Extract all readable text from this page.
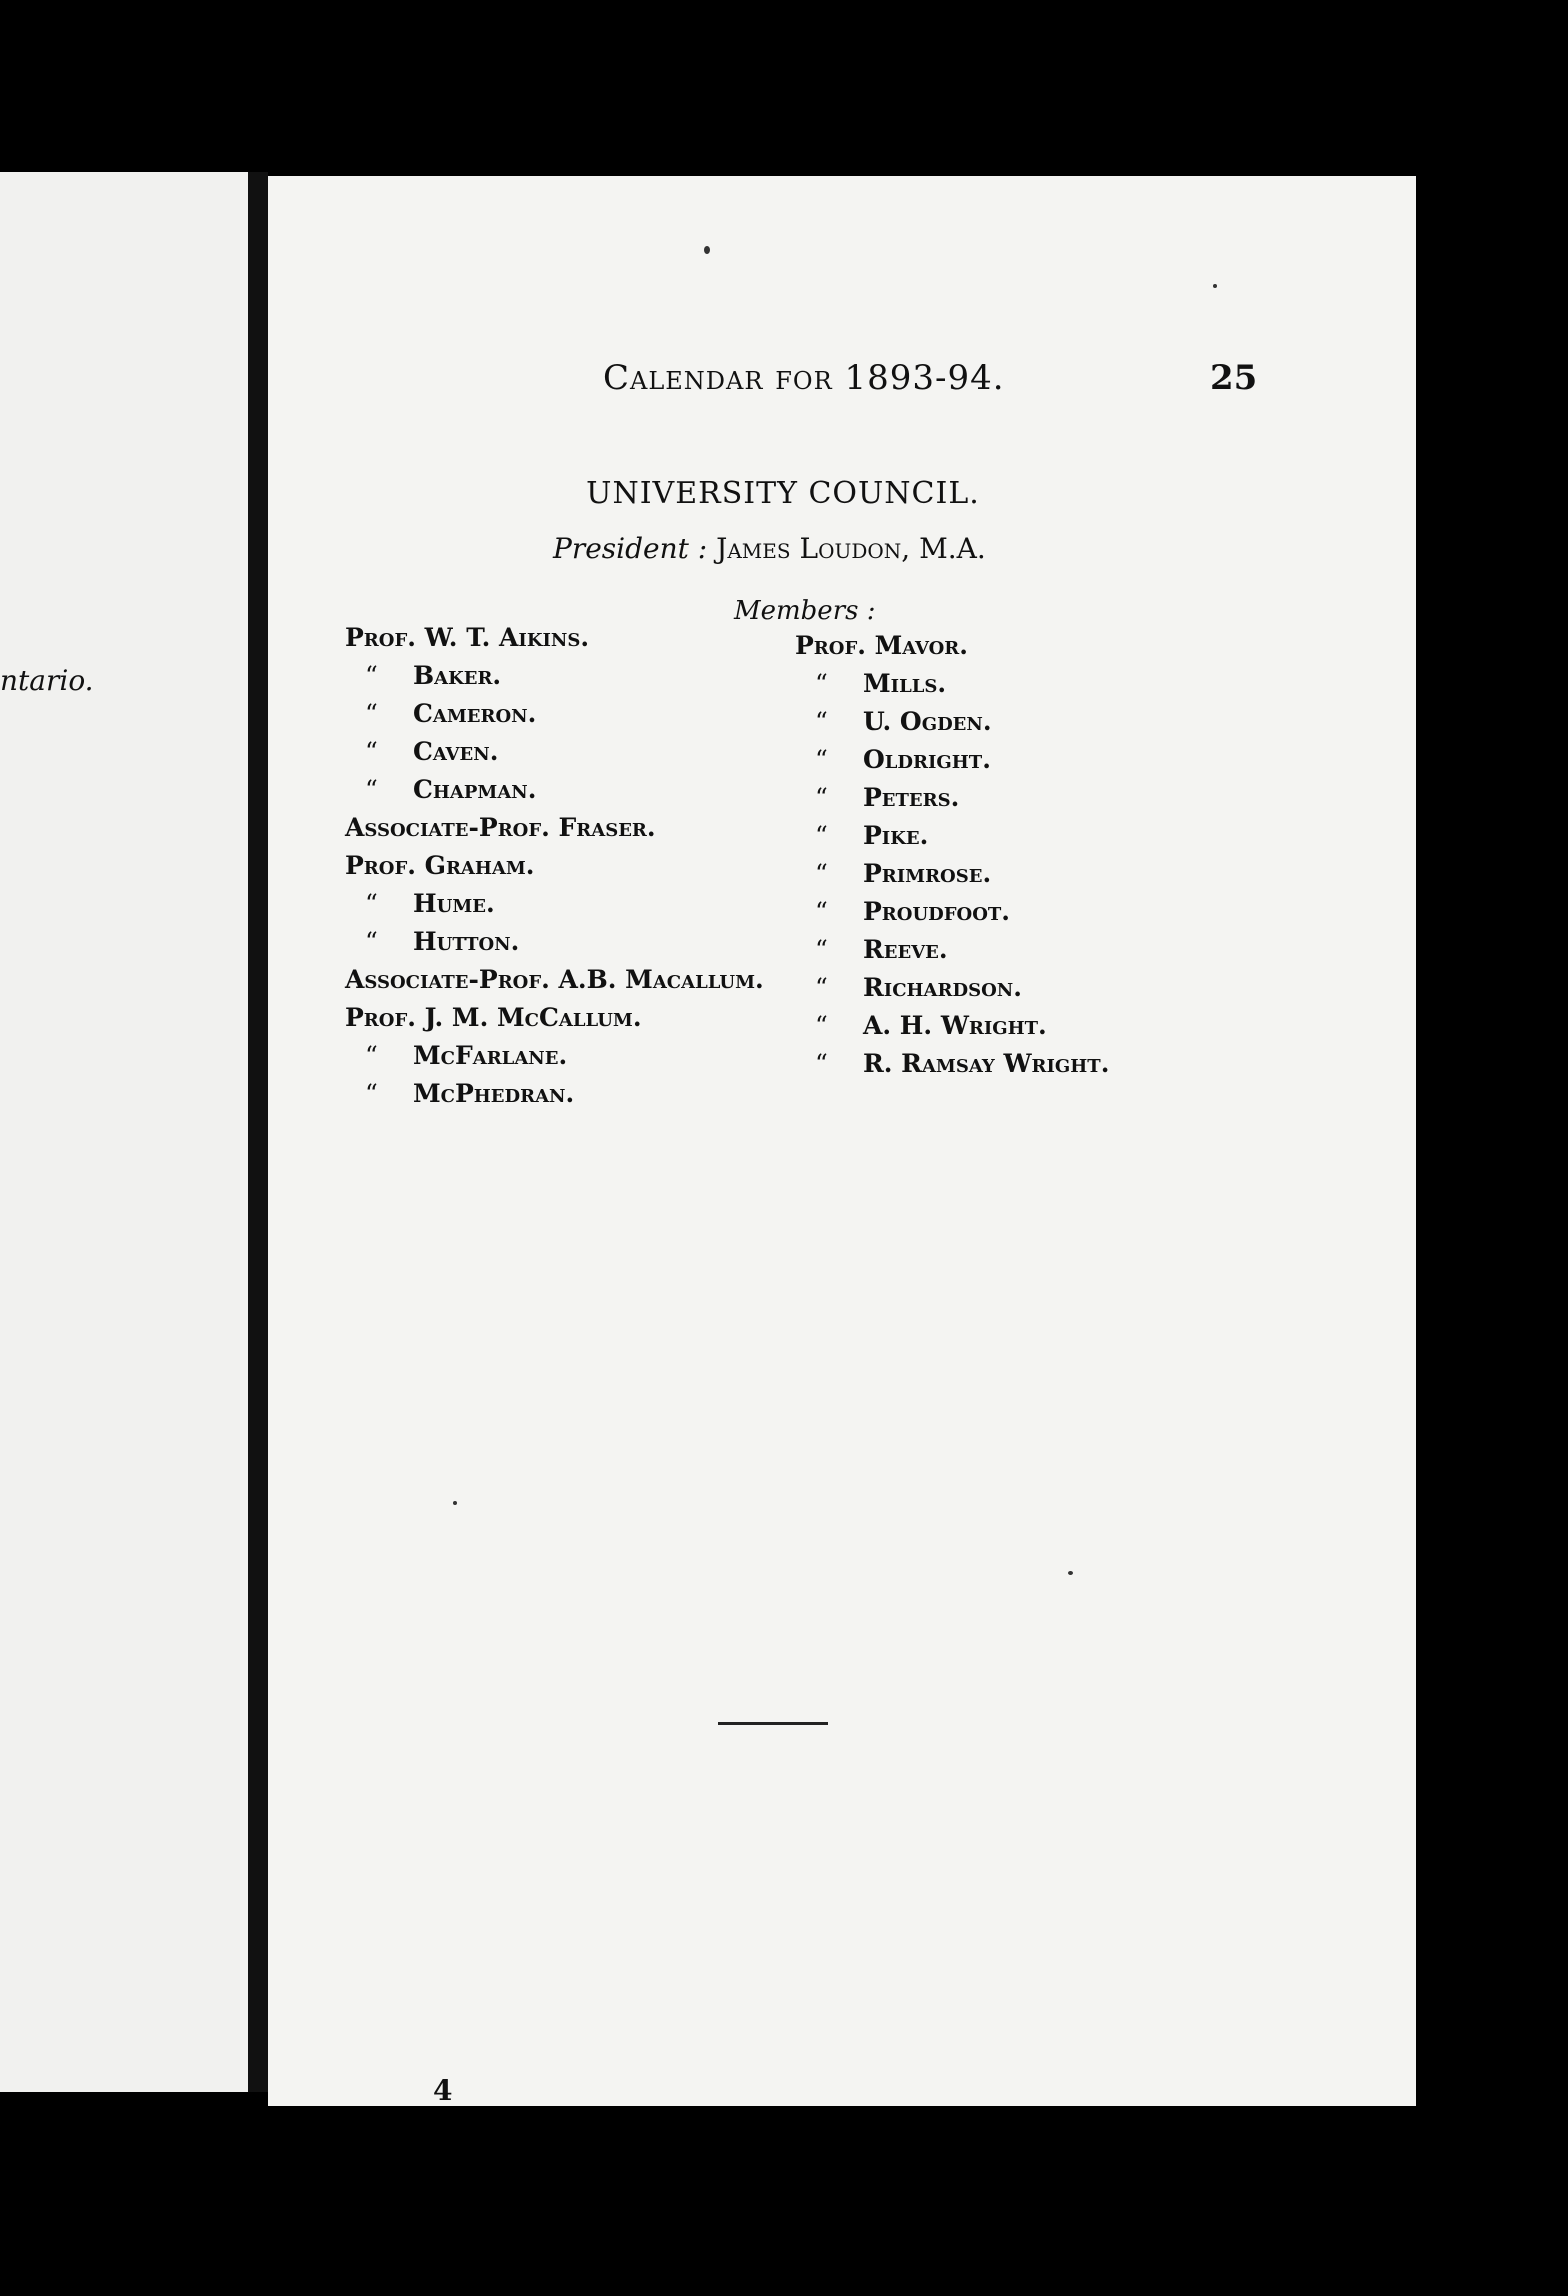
ntario.
Calendar for 1893-94.	25
UNIVERSITY COUNCIL.
President : James Loudon, M.A.
Members :
Prof. W. T. Aikins.
“ Baker.
“ Cameron.
“ Caven.
“ Chapman.
Associate-Prof. Fraser.
Prof. Graham.
“ Hume.
“ Hutton.
Associate-Prof. A.B. Macallum.
Prof. J. M. McCallum.
“ McFarlane.
“ McPhedran.
Prof. Mavor.
“ Mills.
“ U. Ogden.
“ Oldright.
“ Peters.
“ Pike.
“ Primrose.
“ Proudfoot.
“ Reeve.
“ Richardson.
“ A. H. Wright.
“ R. Ramsay Wright.
4
